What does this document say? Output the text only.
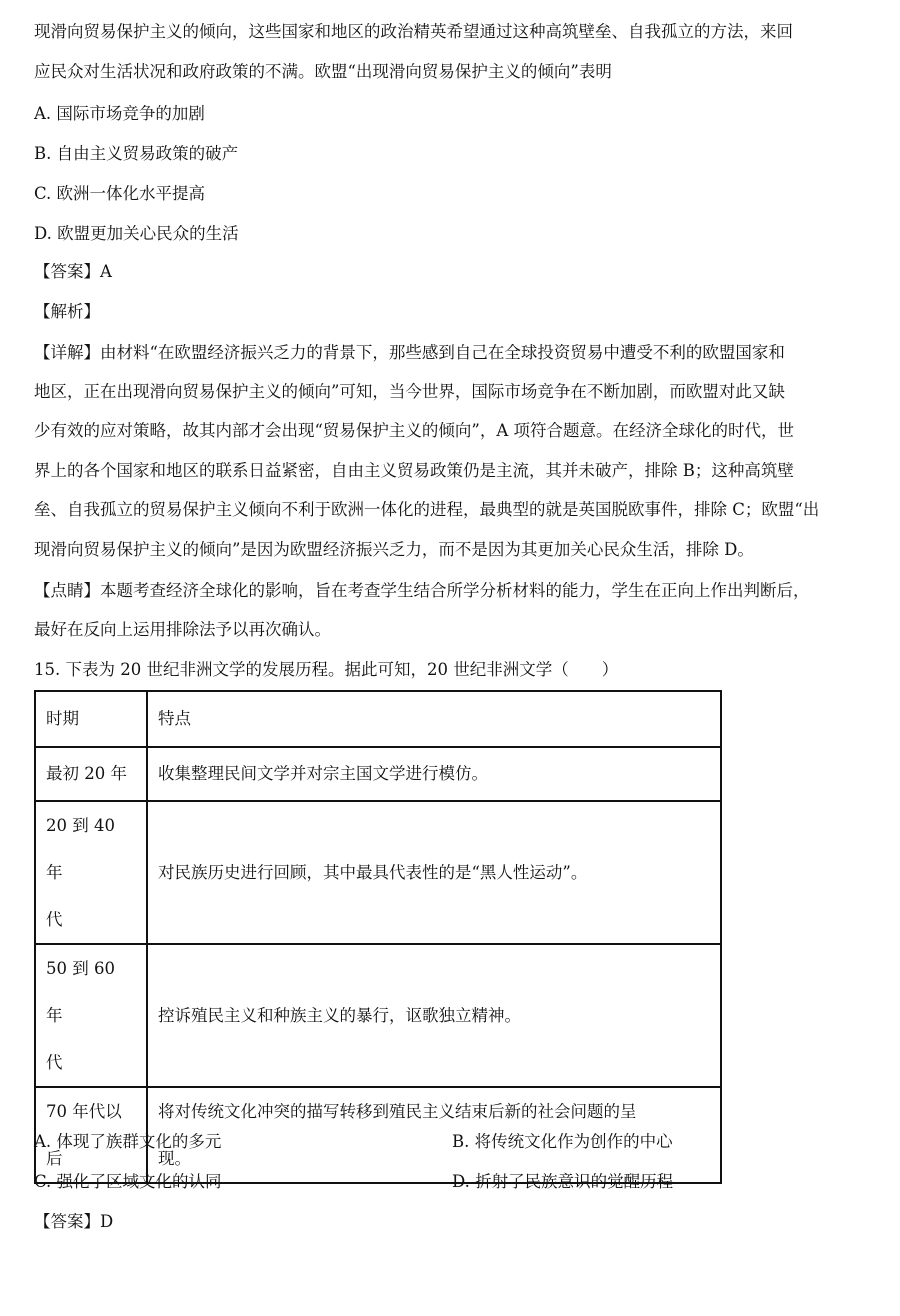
现滑向贸易保护主义的倾向，这些国家和地区的政治精英希望通过这种高筑壁垒、自我孤立的方法，来回
应民众对生活状况和政府政策的不满。欧盟“出现滑向贸易保护主义的倾向”表明
A. 国际市场竞争的加剧
B. 自由主义贸易政策的破产
C. 欧洲一体化水平提高
D. 欧盟更加关心民众的生活
【答案】A
【解析】
【详解】由材料“在欧盟经济振兴乏力的背景下，那些感到自己在全球投资贸易中遭受不利的欧盟国家和
地区，正在出现滑向贸易保护主义的倾向”可知，当今世界，国际市场竞争在不断加剧，而欧盟对此又缺
少有效的应对策略，故其内部才会出现“贸易保护主义的倾向”，A 项符合题意。在经济全球化的时代，世
界上的各个国家和地区的联系日益紧密，自由主义贸易政策仍是主流，其并未破产，排除 B；这种高筑壁
垒、自我孤立的贸易保护主义倾向不利于欧洲一体化的进程，最典型的就是英国脱欧事件，排除 C；欧盟“出
现滑向贸易保护主义的倾向”是因为欧盟经济振兴乏力，而不是因为其更加关心民众生活，排除 D。
【点睛】本题考查经济全球化的影响，旨在考查学生结合所学分析材料的能力，学生在正向上作出判断后，
最好在反向上运用排除法予以再次确认。
15. 下表为 20 世纪非洲文学的发展历程。据此可知，20 世纪非洲文学（　　）
时期	特点
最初 20 年	收集整理民间文学并对宗主国文学进行模仿。

20 到 40 年
代	对民族历史进行回顾，其中最具代表性的是“黑人性运动”。

50 到 60 年
代	控诉殖民主义和种族主义的暴行，讴歌独立精神。

70 年代以
后	将对传统文化冲突的描写转移到殖民主义结束后新的社会问题的呈
现。
A. 体现了族群文化的多元	B. 将传统文化作为创作的中心
C. 强化了区域文化的认同	D. 折射了民族意识的觉醒历程
【答案】D
